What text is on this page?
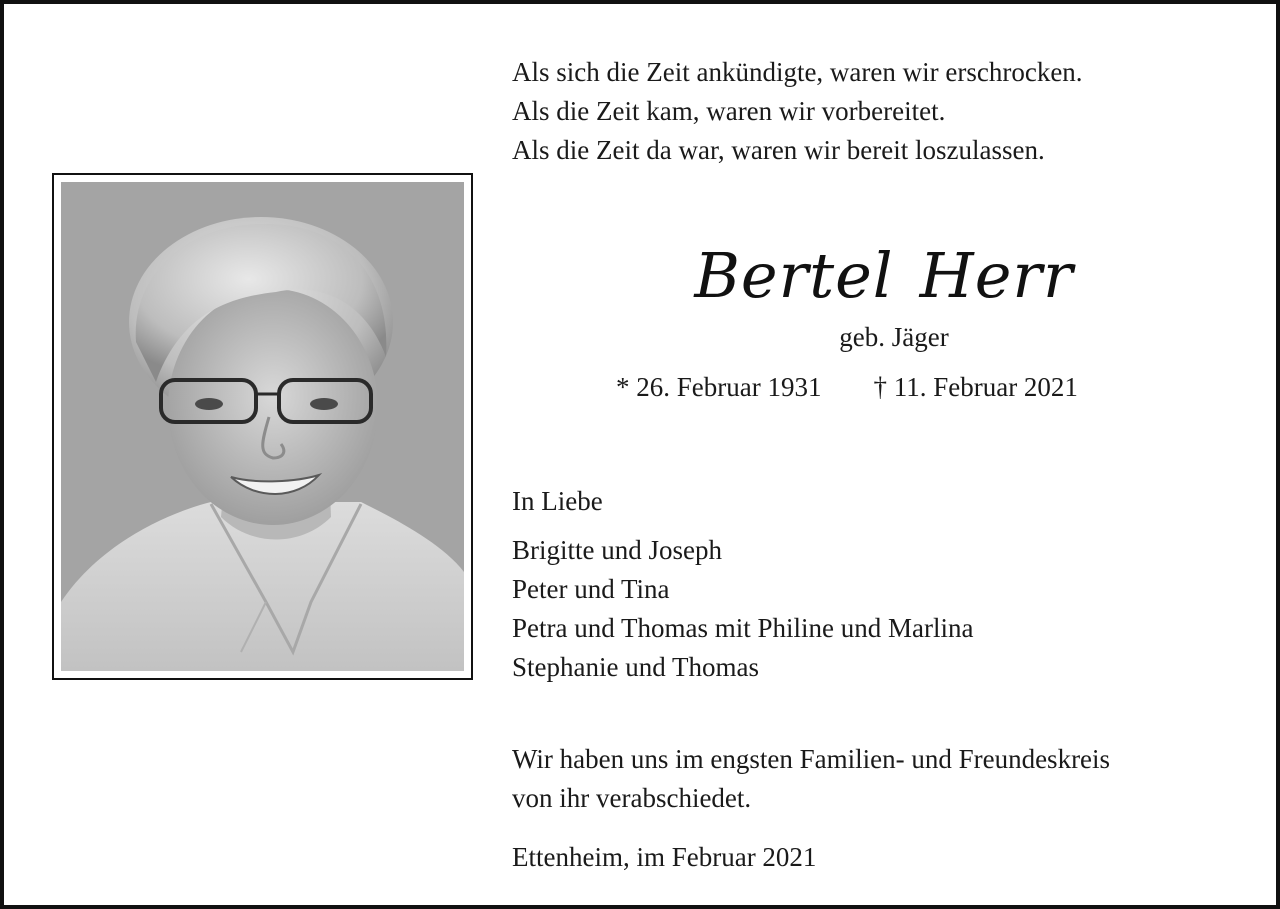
Als sich die Zeit ankündigte, waren wir erschrocken.
Als die Zeit kam, waren wir vorbereitet.
Als die Zeit da war, waren wir bereit loszulassen.
Bertel Herr
geb. Jäger
* 26. Februar 1931 † 11. Februar 2021
In Liebe
Brigitte und Joseph
Peter und Tina
Petra und Thomas mit Philine und Marlina
Stephanie und Thomas
Wir haben uns im engsten Familien- und Freundeskreis
von ihr verabschiedet.
Ettenheim, im Februar 2021
